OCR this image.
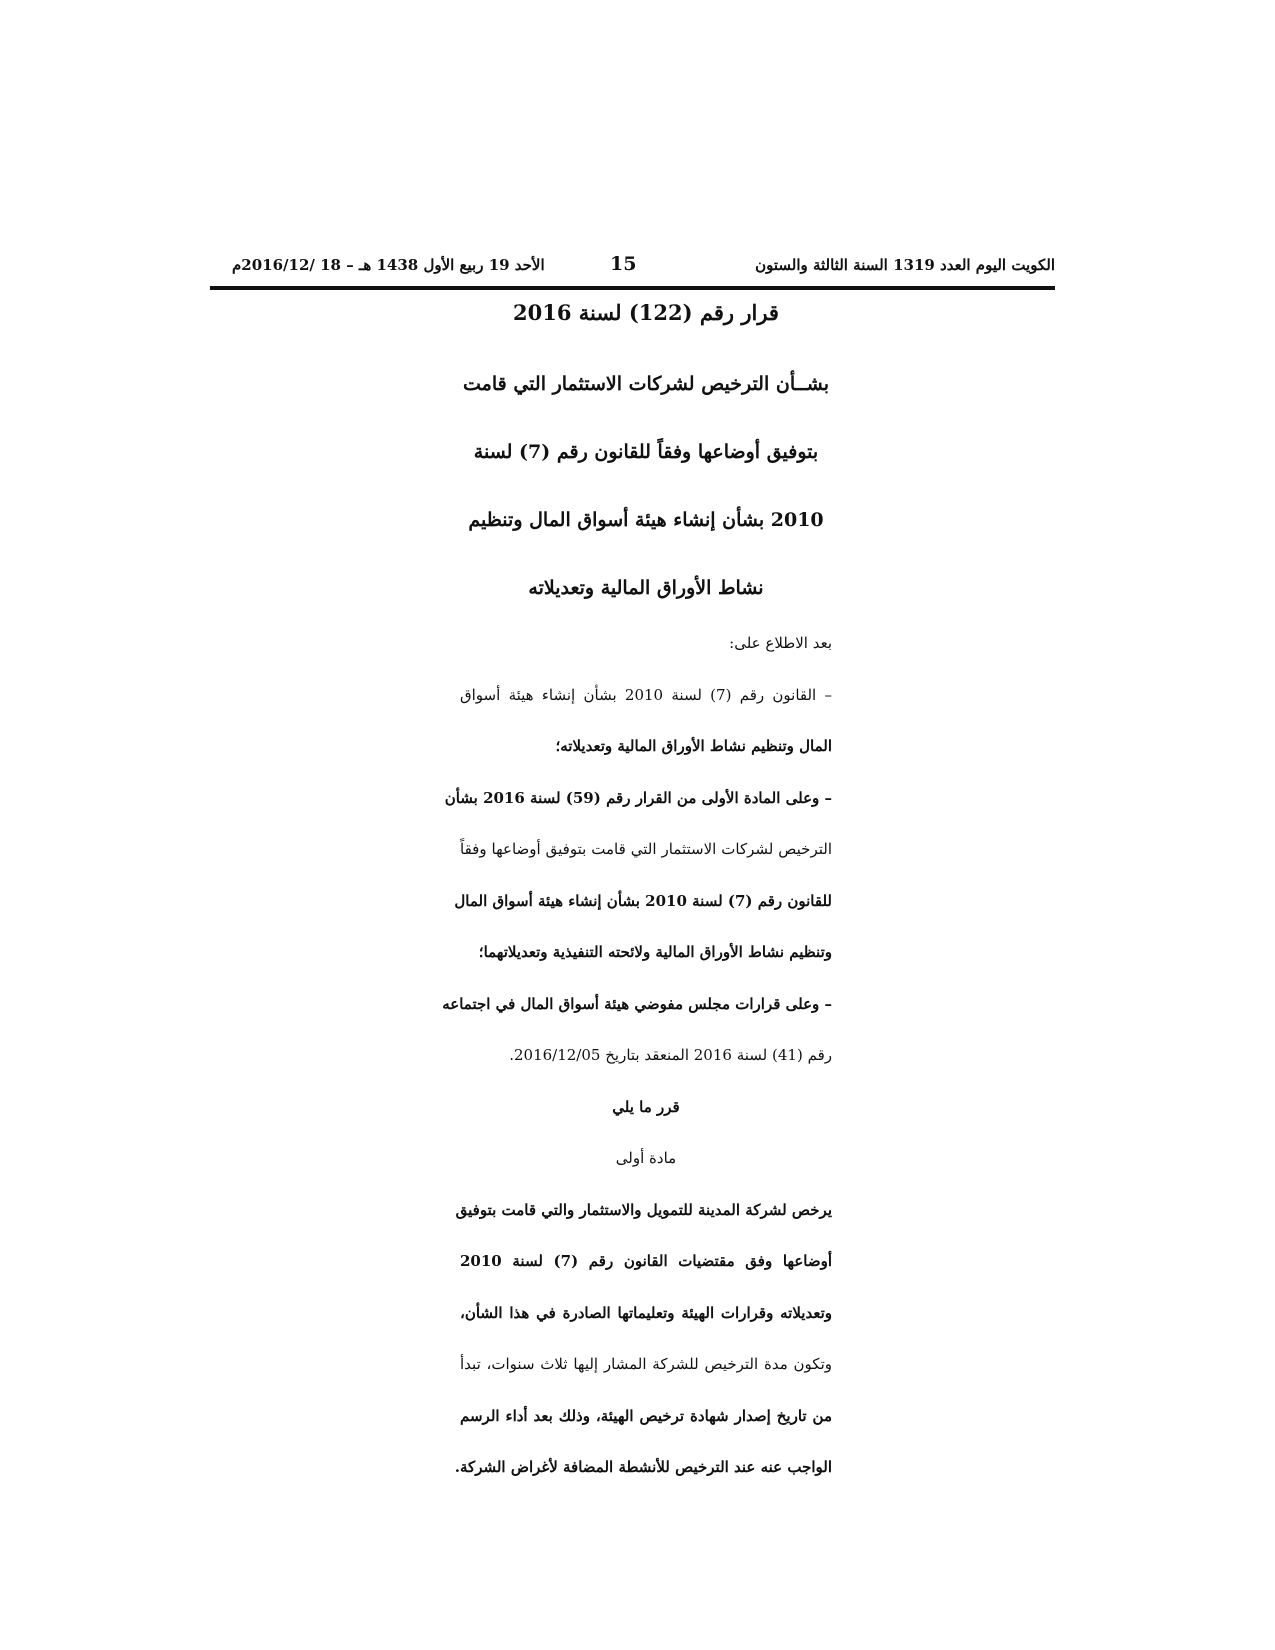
الكويت اليوم العدد 1319 السنة الثالثة والستون
15
الأحد 19 ربيع الأول 1438 هـ – 18 /2016/12م
قرار رقم (122) لسنة 2016

بشــأن الترخيص لشركات الاستثمار التي قامت

بتوفيق أوضاعها وفقاً للقانون رقم (7) لسنة

2010 بشأن إنشاء هيئة أسواق المال وتنظيم

نشاط الأوراق المالية وتعديلاته

بعد الاطلاع على:

– القانون رقم (7) لسنة 2010 بشأن إنشاء هيئة أسواق

المال وتنظيم نشاط الأوراق المالية وتعديلاته؛

– وعلى المادة الأولى من القرار رقم (59) لسنة 2016 بشأن

الترخيص لشركات الاستثمار التي قامت بتوفيق أوضاعها وفقاً

للقانون رقم (7) لسنة 2010 بشأن إنشاء هيئة أسواق المال

وتنظيم نشاط الأوراق المالية ولائحته التنفيذية وتعديلاتهما؛

– وعلى قرارات مجلس مفوضي هيئة أسواق المال في اجتماعه

رقم (41) لسنة 2016 المنعقد بتاريخ 2016/12/05.

قرر ما يلي

مادة أولى

يرخص لشركة المدينة للتمويل والاستثمار والتي قامت بتوفيق

أوضاعها وفق مقتضيات القانون رقم (7) لسنة 2010

وتعديلاته وقرارات الهيئة وتعليماتها الصادرة في هذا الشأن،

وتكون مدة الترخيص للشركة المشار إليها ثلاث سنوات، تبدأ

من تاريخ إصدار شهادة ترخيص الهيئة، وذلك بعد أداء الرسم

الواجب عنه عند الترخيص للأنشطة المضافة لأغراض الشركة.
